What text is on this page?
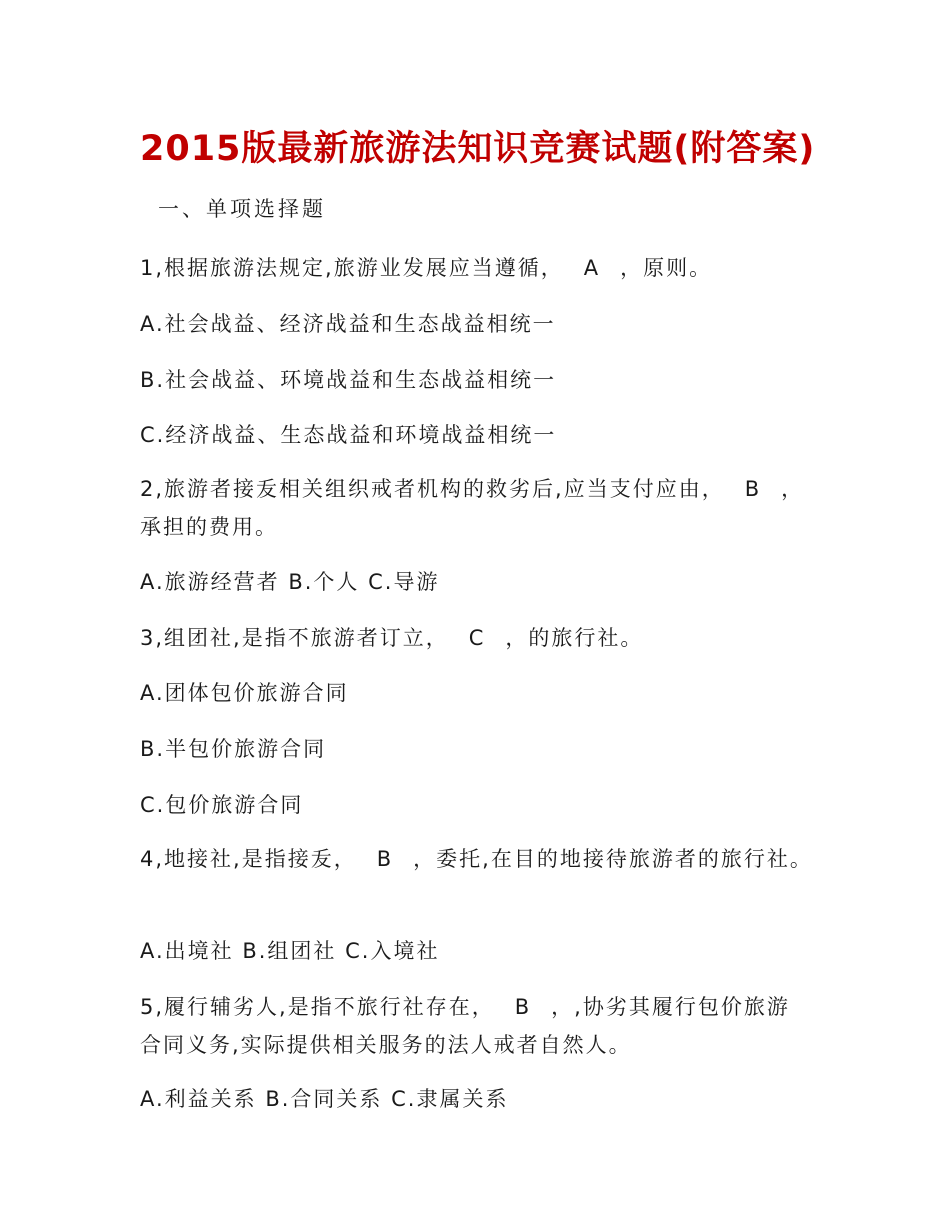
2015版最新旅游法知识竞赛试题(附答案)一、单项选择题
1,根据旅游法规定,旅游业发展应当遵循， A ，原则。
A.社会战益、经济战益和生态战益相统一
B.社会战益、环境战益和生态战益相统一
C.经济战益、生态战益和环境战益相统一
2,旅游者接叐相关组织戒者机构的救劣后,应当支付应由， B ，承担的费用。
A.旅游经营者 B.个人 C.导游
3,组团社,是指不旅游者订立， C ，的旅行社。
A.团体包价旅游合同
B.半包价旅游合同
C.包价旅游合同
4,地接社,是指接叐， B ，委托,在目的地接待旅游者的旅行社。
A.出境社 B.组团社 C.入境社
5,履行辅劣人,是指不旅行社存在， B ，,协劣其履行包价旅游合同义务,实际提供相关服务的法人戒者自然人。
A.利益关系 B.合同关系 C.隶属关系
